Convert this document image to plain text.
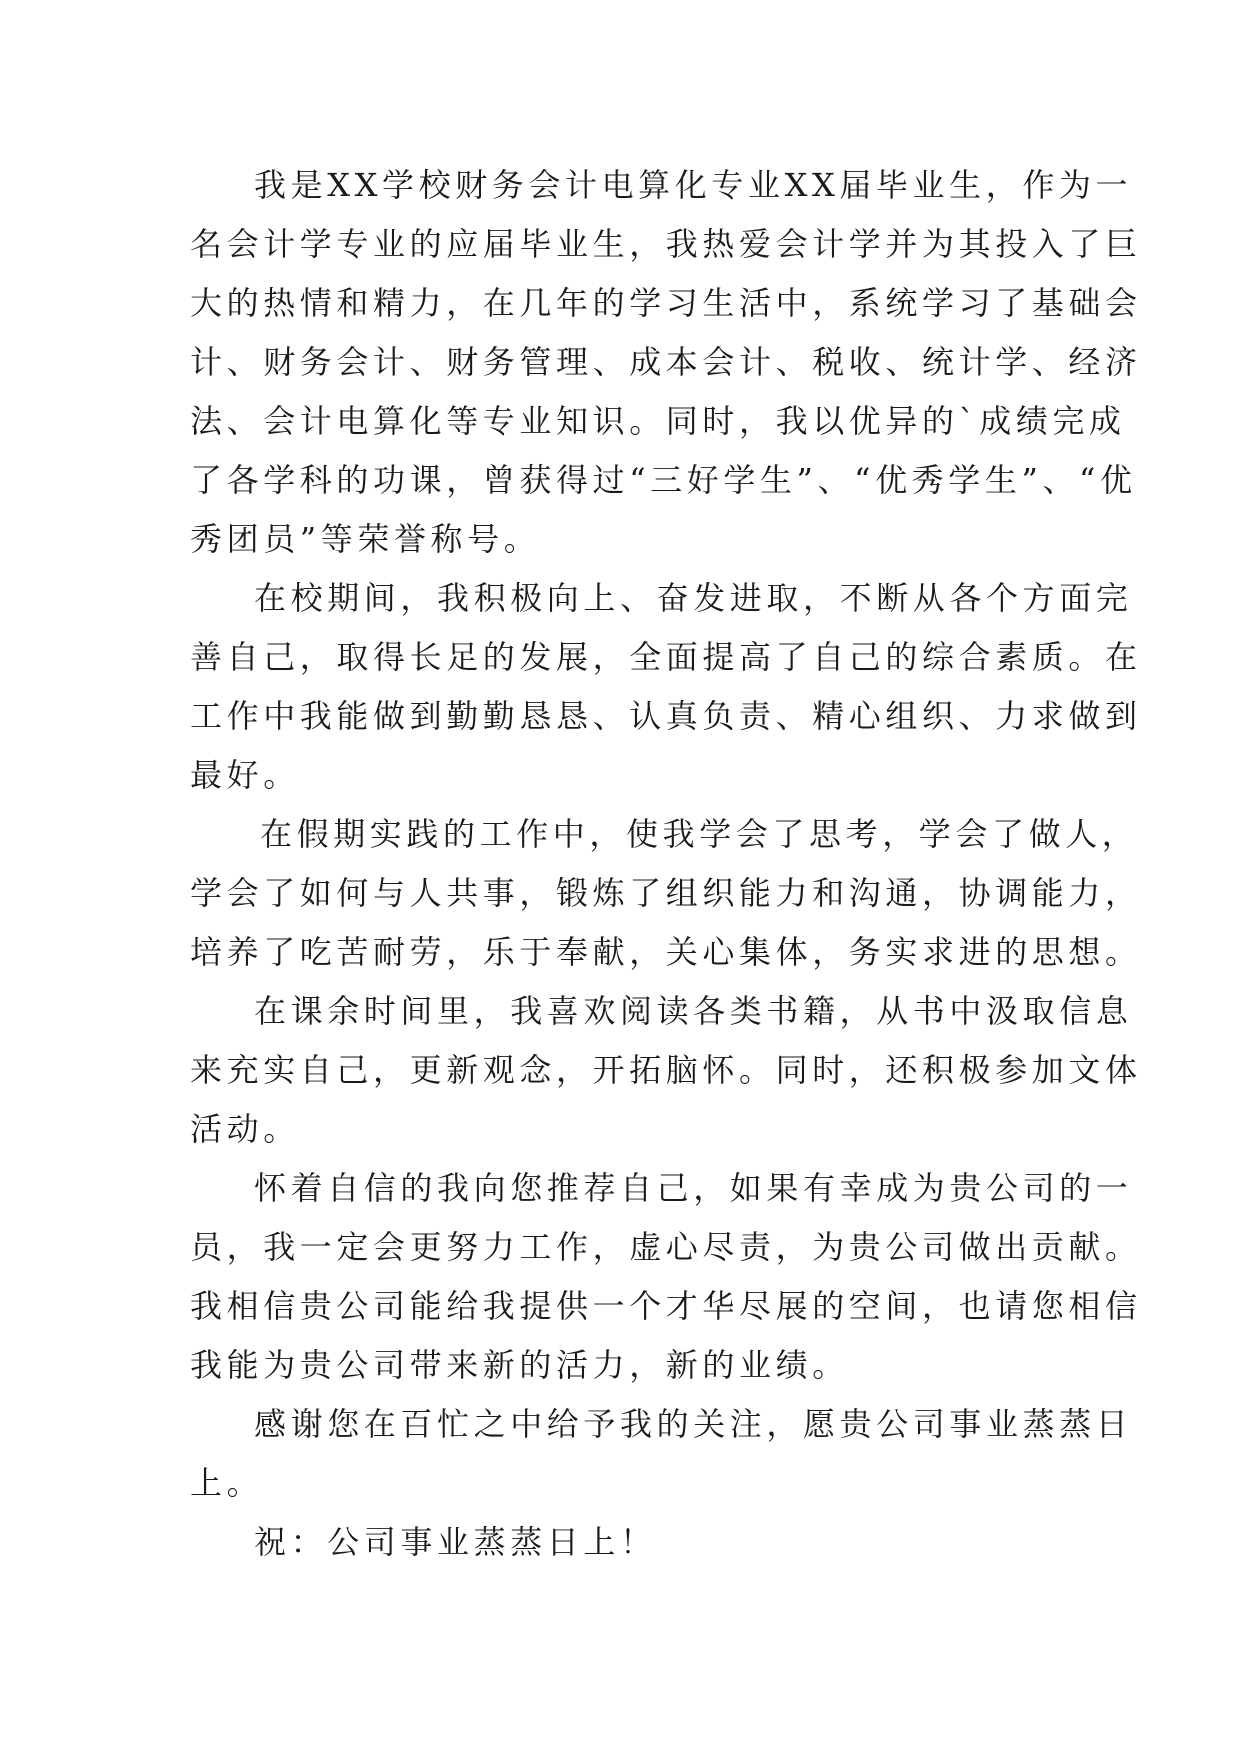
我是XX学校财务会计电算化专业XX届毕业生，作为一
名会计学专业的应届毕业生，我热爱会计学并为其投入了巨
大的热情和精力，在几年的学习生活中，系统学习了基础会
计、财务会计、财务管理、成本会计、税收、统计学、经济
法、会计电算化等专业知识。同时，我以优异的`成绩完成
了各学科的功课，曾获得过“三好学生”、“优秀学生”、“优
秀团员”等荣誉称号。

在校期间，我积极向上、奋发进取，不断从各个方面完
善自己，取得长足的发展，全面提高了自己的综合素质。在
工作中我能做到勤勤恳恳、认真负责、精心组织、力求做到
最好。

在假期实践的工作中，使我学会了思考，学会了做人，
学会了如何与人共事，锻炼了组织能力和沟通，协调能力，
培养了吃苦耐劳，乐于奉献，关心集体，务实求进的思想。

在课余时间里，我喜欢阅读各类书籍，从书中汲取信息
来充实自己，更新观念，开拓脑怀。同时，还积极参加文体
活动。

怀着自信的我向您推荐自己，如果有幸成为贵公司的一
员，我一定会更努力工作，虚心尽责，为贵公司做出贡献。
我相信贵公司能给我提供一个才华尽展的空间，也请您相信
我能为贵公司带来新的活力，新的业绩。

感谢您在百忙之中给予我的关注，愿贵公司事业蒸蒸日
上。

祝：公司事业蒸蒸日上！
